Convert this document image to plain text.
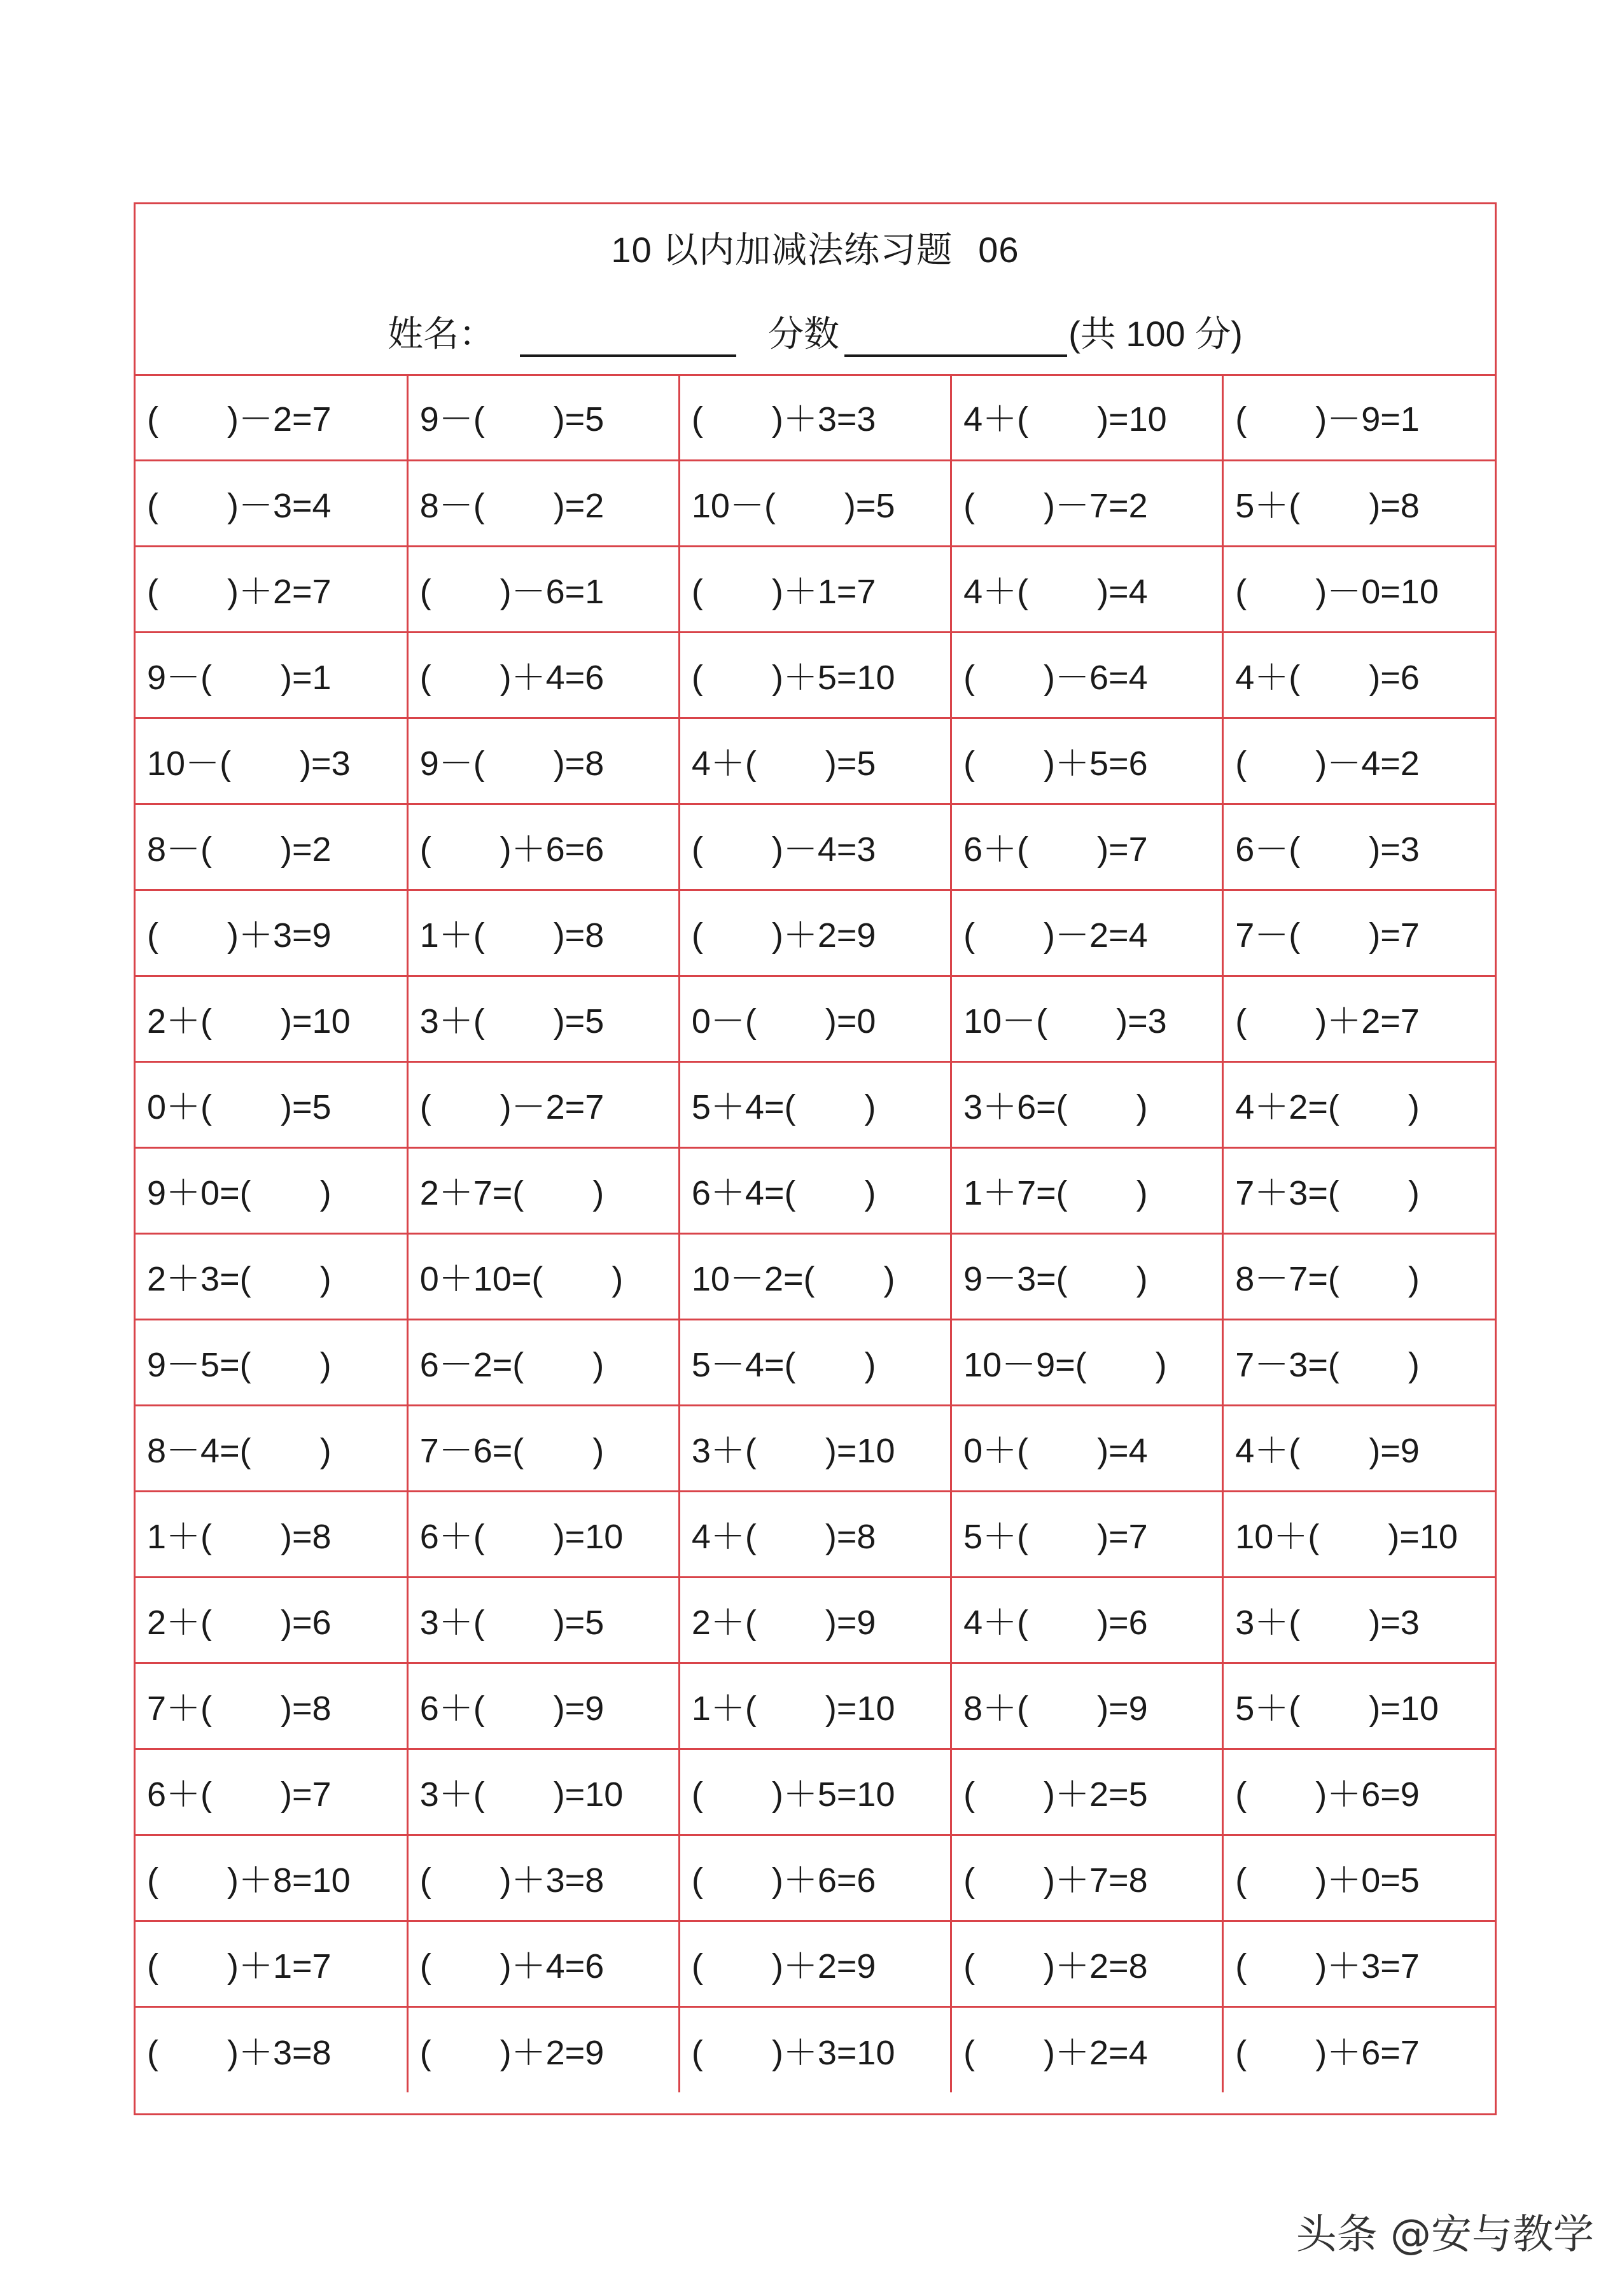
10 以内加减法练习题 06
姓名：	分数	(共 100 分)
(　　)－2=7	9－(　　)=5	(　　)＋3=3	4＋(　　)=10	(　　)－9=1
(　　)－3=4	8－(　　)=2	10－(　　)=5	(　　)－7=2	5＋(　　)=8
(　　)＋2=7	(　　)－6=1	(　　)＋1=7	4＋(　　)=4	(　　)－0=10
9－(　　)=1	(　　)＋4=6	(　　)＋5=10	(　　)－6=4	4＋(　　)=6
10－(　　)=3	9－(　　)=8	4＋(　　)=5	(　　)＋5=6	(　　)－4=2
8－(　　)=2	(　　)＋6=6	(　　)－4=3	6＋(　　)=7	6－(　　)=3
(　　)＋3=9	1＋(　　)=8	(　　)＋2=9	(　　)－2=4	7－(　　)=7
2＋(　　)=10	3＋(　　)=5	0－(　　)=0	10－(　　)=3	(　　)＋2=7
0＋(　　)=5	(　　)－2=7	5＋4=(　　)	3＋6=(　　)	4＋2=(　　)
9＋0=(　　)	2＋7=(　　)	6＋4=(　　)	1＋7=(　　)	7＋3=(　　)
2＋3=(　　)	0＋10=(　　)	10－2=(　　)	9－3=(　　)	8－7=(　　)
9－5=(　　)	6－2=(　　)	5－4=(　　)	10－9=(　　)	7－3=(　　)
8－4=(　　)	7－6=(　　)	3＋(　　)=10	0＋(　　)=4	4＋(　　)=9
1＋(　　)=8	6＋(　　)=10	4＋(　　)=8	5＋(　　)=7	10＋(　　)=10
2＋(　　)=6	3＋(　　)=5	2＋(　　)=9	4＋(　　)=6	3＋(　　)=3
7＋(　　)=8	6＋(　　)=9	1＋(　　)=10	8＋(　　)=9	5＋(　　)=10
6＋(　　)=7	3＋(　　)=10	(　　)＋5=10	(　　)＋2=5	(　　)＋6=9
(　　)＋8=10	(　　)＋3=8	(　　)＋6=6	(　　)＋7=8	(　　)＋0=5
(　　)＋1=7	(　　)＋4=6	(　　)＋2=9	(　　)＋2=8	(　　)＋3=7
(　　)＋3=8	(　　)＋2=9	(　　)＋3=10	(　　)＋2=4	(　　)＋6=7
头条 @安与教学
